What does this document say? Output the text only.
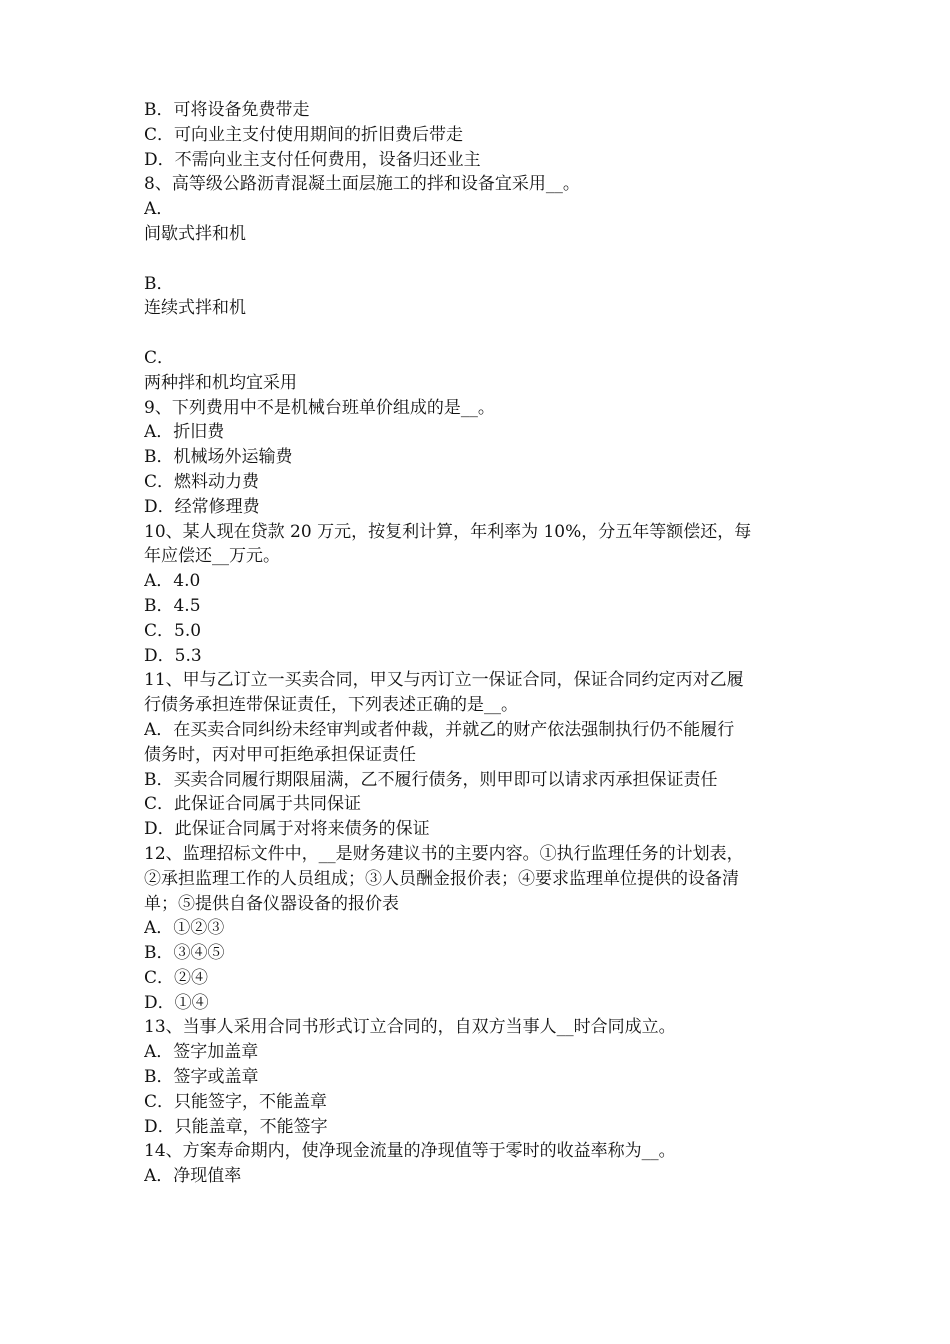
B．可将设备免费带走
C．可向业主支付使用期间的折旧费后带走
D．不需向业主支付任何费用，设备归还业主
8、高等级公路沥青混凝土面层施工的拌和设备宜采用__。
A．
间歇式拌和机
B．
连续式拌和机
C．
两种拌和机均宜采用
9、下列费用中不是机械台班单价组成的是__。
A．折旧费
B．机械场外运输费
C．燃料动力费
D．经常修理费
10、某人现在贷款 20 万元，按复利计算，年利率为 10%，分五年等额偿还，每
年应偿还__万元。
A．4.0
B．4.5
C．5.0
D．5.3
11、甲与乙订立一买卖合同，甲又与丙订立一保证合同，保证合同约定丙对乙履
行债务承担连带保证责任，下列表述正确的是__。
A．在买卖合同纠纷未经审判或者仲裁，并就乙的财产依法强制执行仍不能履行
债务时，丙对甲可拒绝承担保证责任
B．买卖合同履行期限届满，乙不履行债务，则甲即可以请求丙承担保证责任
C．此保证合同属于共同保证
D．此保证合同属于对将来债务的保证
12、监理招标文件中，__是财务建议书的主要内容。①执行监理任务的计划表，
②承担监理工作的人员组成；③人员酬金报价表；④要求监理单位提供的设备清
单；⑤提供自备仪器设备的报价表
A．①②③
B．③④⑤
C．②④
D．①④
13、当事人采用合同书形式订立合同的，自双方当事人__时合同成立。
A．签字加盖章
B．签字或盖章
C．只能签字，不能盖章
D．只能盖章，不能签字
14、方案寿命期内，使净现金流量的净现值等于零时的收益率称为__。
A．净现值率
